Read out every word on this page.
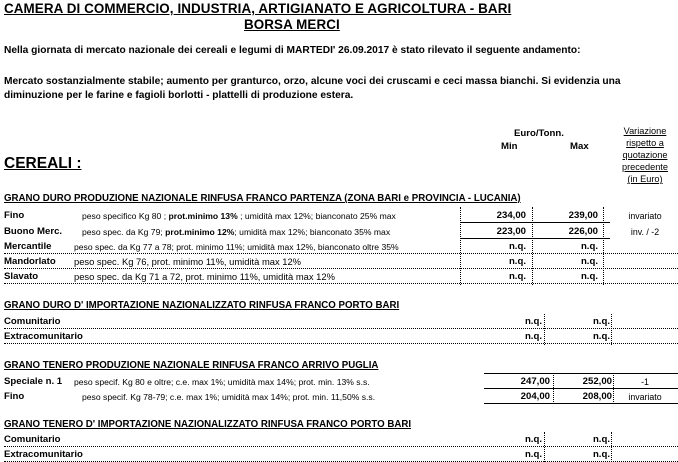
CAMERA DI COMMERCIO, INDUSTRIA, ARTIGIANATO E AGRICOLTURA - BARI
BORSA MERCI
Nella giornata di mercato nazionale dei cereali e legumi di MARTEDI' 26.09.2017 è stato rilevato il seguente andamento:
Mercato sostanzialmente stabile; aumento per granturco, orzo, alcune voci dei cruscami e ceci massa bianchi. Si evidenzia una
diminuzione per le farine e fagioli borlotti - plattelli di produzione estera.
Euro/Tonn.
Min	Max
Variazione
rispetto a
quotazione
precedente
(in Euro)
CEREALI :
GRANO DURO PRODUZIONE NAZIONALE RINFUSA FRANCO PARTENZA (ZONA BARI e PROVINCIA - LUCANIA)
Fino	peso specifico Kg 80 ; prot.minimo 13% ; umidità max 12%; bianconato 25% max	234,00	239,00	invariato
Buono Merc. peso spec. da Kg 79; prot.minimo 12%; umidità max 12%; bianconato 35% max	223,00	226,00	inv. / -2
Mercantile	peso spec. da Kg 77 a 78; prot. minimo 11%; umidità max 12%, bianconato oltre 35%	n.q.	n.q.
Mandorlato peso spec. Kg 76, prot. minimo 11%, umidità max 12%	n.q.	n.q.
Slavato	peso spec. da Kg 71 a 72, prot. minimo 11%, umidità max 12%	n.q.	n.q.
GRANO DURO D' IMPORTAZIONE NAZIONALIZZATO RINFUSA FRANCO PORTO BARI
Comunitario	n.q.	n.q.
Extracomunitario	n.q.	n.q.
GRANO TENERO PRODUZIONE NAZIONALE RINFUSA FRANCO ARRIVO PUGLIA
Speciale n. 1 peso specif. Kg 80 e oltre; c.e. max 1%; umidità max 14%; prot. min. 13% s.s.	247,00	252,00	-1
Fino	peso specif. Kg 78-79; c.e. max 1%; umidità max 14%; prot. min. 11,50% s.s.	204,00	208,00	invariato
GRANO TENERO D' IMPORTAZIONE NAZIONALIZZATO RINFUSA FRANCO PORTO BARI
Comunitario	n.q.	n.q.
Extracomunitario	n.q.	n.q.
